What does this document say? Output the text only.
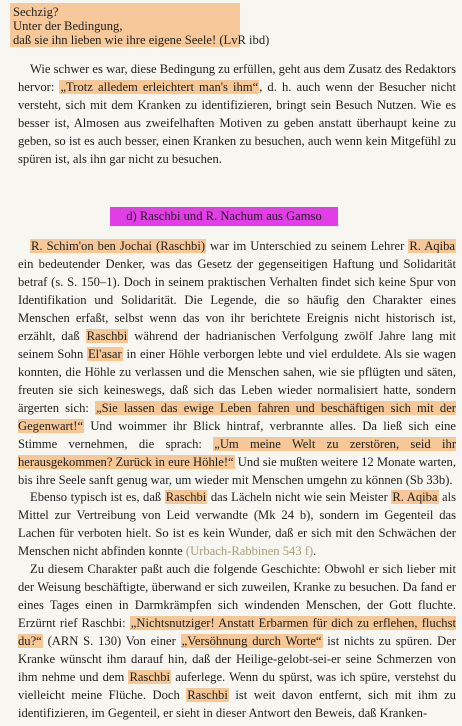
Sechzig?
Unter der Bedingung,
daß sie ihn lieben wie ihre eigene Seele! (LvR ibd)
Wie schwer es war, diese Bedingung zu erfüllen, geht aus dem Zusatz des Redaktors hervor: „Trotz alledem erleichtert man's ihm“, d. h. auch wenn der Besucher nicht versteht, sich mit dem Kranken zu identifizieren, bringt sein Besuch Nutzen. Wie es besser ist, Almosen aus zweifelhaften Motiven zu geben anstatt überhaupt keine zu geben, so ist es auch besser, einen Kranken zu besuchen, auch wenn kein Mitgefühl zu spüren ist, als ihn gar nicht zu besuchen.
d) Raschbi und R. Nachum aus Gamso
R. Schim'on ben Jochai (Raschbi) war im Unterschied zu seinem Lehrer R. Aqiba ein bedeutender Denker, was das Gesetz der gegenseitigen Haftung und Solidarität betraf (s. S. 150–1). Doch in seinem praktischen Verhalten findet sich keine Spur von Identifikation und Solidarität. Die Legende, die so häufig den Charakter eines Menschen erfaßt, selbst wenn das von ihr berichtete Ereignis nicht historisch ist, erzählt, daß Raschbi während der hadrianischen Verfolgung zwölf Jahre lang mit seinem Sohn El'asar in einer Höhle verborgen lebte und viel erduldete. Als sie wagen konnten, die Höhle zu verlassen und die Menschen sahen, wie sie pflügten und säten, freuten sie sich keineswegs, daß sich das Leben wieder normalisiert hatte, sondern ärgerten sich: „Sie lassen das ewige Leben fahren und beschäftigen sich mit der Gegenwart!“ Und woimmer ihr Blick hintraf, verbrannte alles. Da ließ sich eine Stimme vernehmen, die sprach: „Um meine Welt zu zerstören, seid ihr herausgekommen? Zurück in eure Höhle!“ Und sie mußten weitere 12 Monate warten, bis ihre Seele sanft genug war, um wieder mit Menschen umgehn zu können (Sb 33b).
Ebenso typisch ist es, daß Raschbi das Lächeln nicht wie sein Meister R. Aqiba als Mittel zur Vertreibung von Leid verwandte (Mk 24 b), sondern im Gegenteil das Lachen für verboten hielt. So ist es kein Wunder, daß er sich mit den Schwächen der Menschen nicht abfinden konnte (Urbach-Rabbinen 543 f).
Zu diesem Charakter paßt auch die folgende Geschichte: Obwohl er sich lieber mit der Weisung beschäftigte, überwand er sich zuweilen, Kranke zu besuchen. Da fand er eines Tages einen in Darmkrämpfen sich windenden Menschen, der Gott fluchte. Erzürnt rief Raschbi: „Nichtsnutziger! Anstatt Erbarmen für dich zu erflehen, fluchst du?“ (ARN S. 130) Von einer „Versöhnung durch Worte“ ist nichts zu spüren. Der Kranke wünscht ihm darauf hin, daß der Heilige-gelobt-sei-er seine Schmerzen von ihm nehme und dem Raschbi auferlege. Wenn du spürst, was ich spüre, verstehst du vielleicht meine Flüche. Doch Raschbi ist weit davon entfernt, sich mit ihm zu identifizieren, im Gegenteil, er sieht in dieser Antwort den Beweis, daß Kranken-
